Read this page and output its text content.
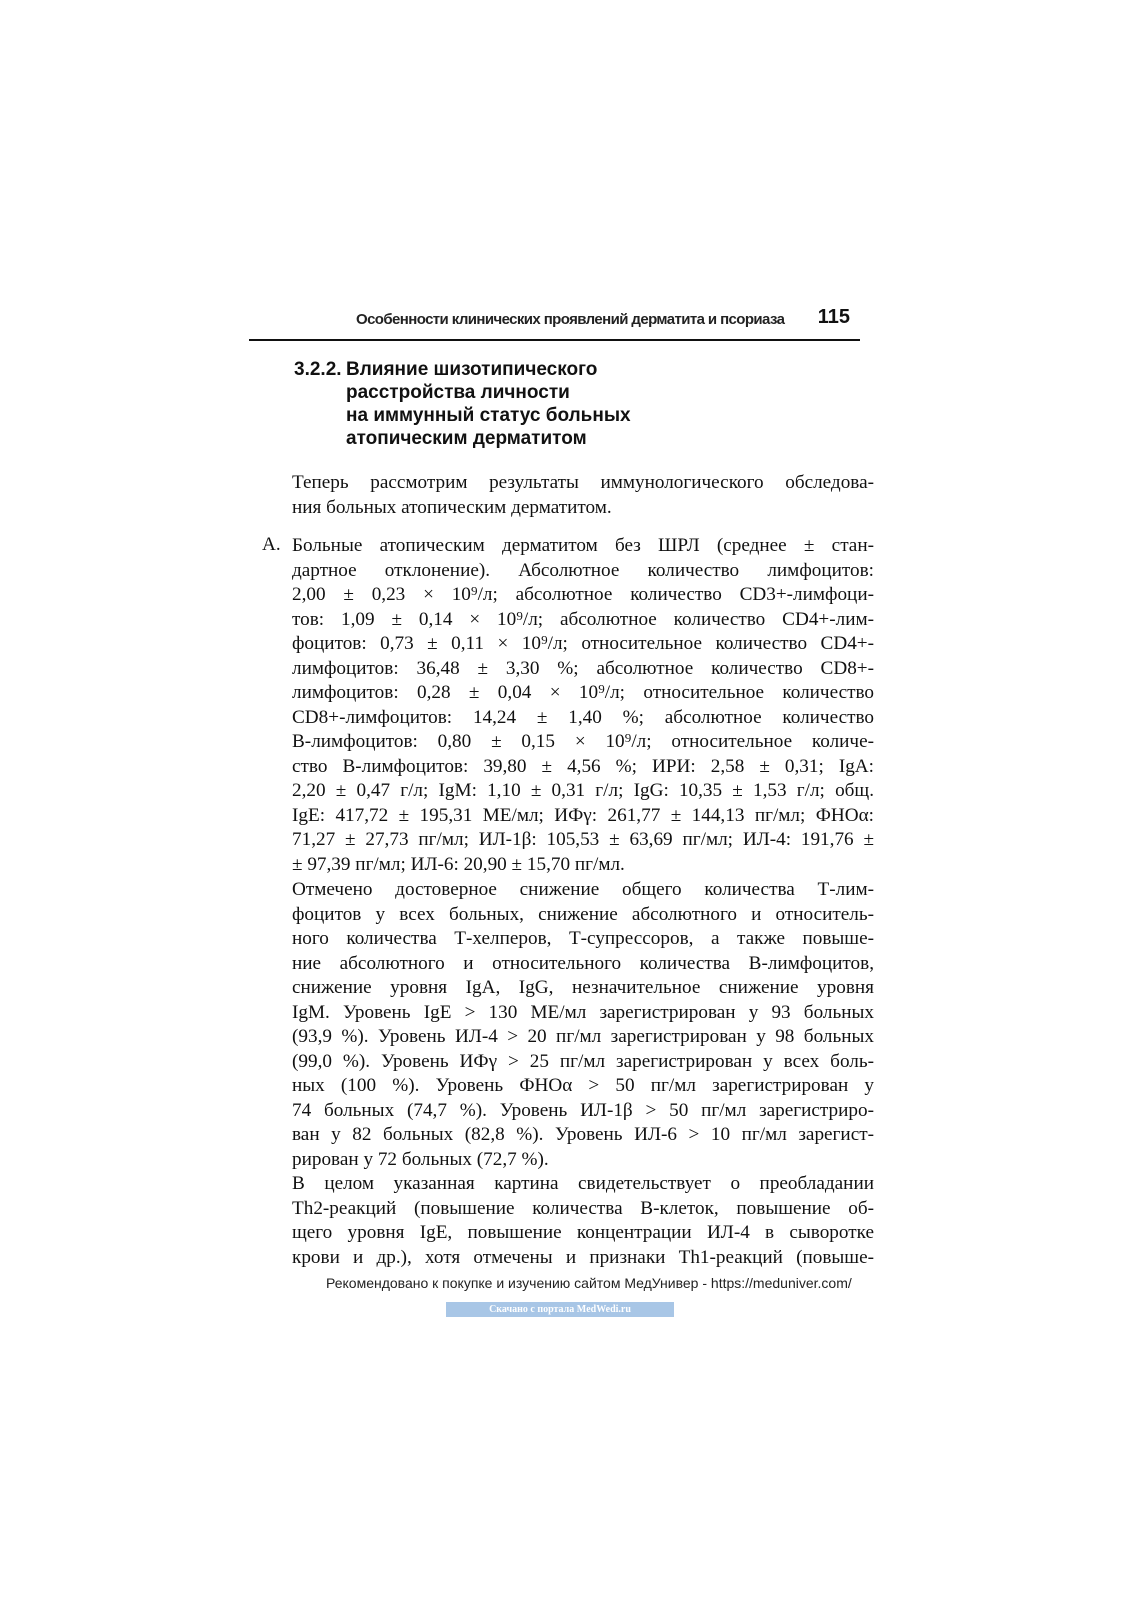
Особенности клинических проявлений дерматита и псориаза 115
3.2.2. Влияние шизотипического
расстройства личности
на иммунный статус больных
атопическим дерматитом
Теперь рассмотрим результаты иммунологического обследова-
ния больных атопическим дерматитом.
А. Больные атопическим дерматитом без ШРЛ (среднее ± стан-
дартное отклонение). Абсолютное количество лимфоцитов:
2,00 ± 0,23 × 10⁹/л; абсолютное количество CD3+-лимфоци-
тов: 1,09 ± 0,14 × 10⁹/л; абсолютное количество CD4+-лим-
фоцитов: 0,73 ± 0,11 × 10⁹/л; относительное количество CD4+-
лимфоцитов: 36,48 ± 3,30 %; абсолютное количество CD8+-
лимфоцитов: 0,28 ± 0,04 × 10⁹/л; относительное количество
CD8+-лимфоцитов: 14,24 ± 1,40 %; абсолютное количество
В-лимфоцитов: 0,80 ± 0,15 × 10⁹/л; относительное количе-
ство В-лимфоцитов: 39,80 ± 4,56 %; ИРИ: 2,58 ± 0,31; IgA:
2,20 ± 0,47 г/л; IgM: 1,10 ± 0,31 г/л; IgG: 10,35 ± 1,53 г/л; общ.
IgE: 417,72 ± 195,31 МЕ/мл; ИФγ: 261,77 ± 144,13 пг/мл; ФНОα:
71,27 ± 27,73 пг/мл; ИЛ-1β: 105,53 ± 63,69 пг/мл; ИЛ-4: 191,76 ±
± 97,39 пг/мл; ИЛ-6: 20,90 ± 15,70 пг/мл.
Отмечено достоверное снижение общего количества Т-лим-
фоцитов у всех больных, снижение абсолютного и относитель-
ного количества Т-хелперов, Т-супрессоров, а также повыше-
ние абсолютного и относительного количества В-лимфоцитов,
снижение уровня IgA, IgG, незначительное снижение уровня
IgM. Уровень IgE > 130 МЕ/мл зарегистрирован у 93 больных
(93,9 %). Уровень ИЛ-4 > 20 пг/мл зарегистрирован у 98 больных
(99,0 %). Уровень ИФγ > 25 пг/мл зарегистрирован у всех боль-
ных (100 %). Уровень ФНОα > 50 пг/мл зарегистрирован у
74 больных (74,7 %). Уровень ИЛ-1β > 50 пг/мл зарегистриро-
ван у 82 больных (82,8 %). Уровень ИЛ-6 > 10 пг/мл зарегист-
рирован у 72 больных (72,7 %).
В целом указанная картина свидетельствует о преобладании
Th2-реакций (повышение количества В-клеток, повышение об-
щего уровня IgE, повышение концентрации ИЛ-4 в сыворотке
крови и др.), хотя отмечены и признаки Th1-реакций (повыше-
Рекомендовано к покупке и изучению сайтом МедУнивер - https://meduniver.com/
Скачано с портала MedWedi.ru
